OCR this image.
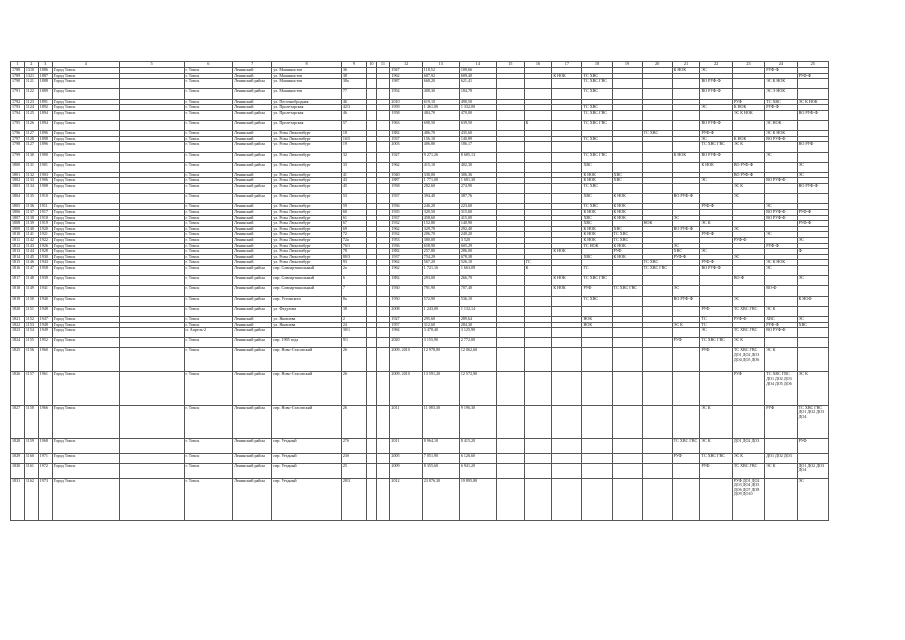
1	2	3	4	5	6	7	8	9	10	11	12	13	14	15	16	17	18	19	20	21	22	23	24	25
1788	1310	1886	Город Томск		г. Томск	Ленинский	ул. Машинистов	36			1947	118,52	109,66							К НОК	ЭС		РУФ-Ф	
1789	1321	1887	Город Томск		г. Томск	Ленинский	ул. Машинистов	38			1962	687,92	609,40			К НОК	ТС ХВС							РУФ-Ф
1790	1121	1888	Город Томск		г. Томск	Ленинский район	ул. Машинистов	38а			1987	668,20	621,41				ТС ХВС ГВС				ВО РУФ-Ф		ЭС К НОК	
1791	1122	1889	Город Томск		г. Томск	Ленинский район	ул. Машинистов	77			1954	408,30	184,78				ТС ХВС				ВО РУФ-Ф		ЭС Э НОК	
1792	1123	1891	Город Томск		г. Томск	Ленинский	ул. Песочнобродная	46			2010	619,10	490,50									РУФ	ТС ХВС	ЭС К НОК
1793	1124	1892	Город Томск		г. Томск	Ленинский	ул. Пролетарская	42/3			1959	1 461,00	1 332,00				ТС ХВС				ЭС	К НОК	РУФ-Ф	
1794	1125	1894	Город Томск		г. Томск	Ленинский район	ул. Пролетарская	46			1958	484,70	470,00				ТС ХВС ГВС					ЭС К НОК		ВО РУФ-Ф
1795	1126	1894	Город Томск		г. Томск	Ленинский район	ул. Пролетарская	57			1963	698,50	639,50		К		ТС ХВС ГВС				ВО РУФ-Ф		ЭС НОК	
1796	1127	1896	Город Томск		г. Томск	Ленинский	ул. Розы Люксембург	18			1882	486,70	435,60						ТС ХВС		РУФ-Ф		ЭС К НОК	
1797	1128	1898	Город Томск		г. Томск	Ленинский	ул. Розы Люксембург	16/5			1937	156,10	140,89				ТС ХВС				ЭС	К НОК	ВО РУФ-Ф	
1798	1127	1896	Город Томск		г. Томск	Ленинский район	ул. Розы Люксембург	19			2003	406,80	186,17								ТС ХВС ГВС	ЭС К		ВО РУФ
1799	1130	1900	Город Томск		г. Томск	Ленинский район	ул. Розы Люксембург	32			1927	9 271,26	8 685,13				ТС ХВС ГВС			К НОК	ВО РУФ-Ф		ЭС	
1800	1131	1901	Город Томск		г. Томск	Ленинский район	ул. Розы Люксембург	33			1962	415,10	402,30				ХВС				К НОК	ВО РУФ-Ф		ЭС
1801	1132	1903	Город Томск		г. Томск	Ленинский	ул. Розы Люксембург	41			1940	330,00	306,36				К НОК	ХВС				ВО РУФ-Ф		ЭС
1802	1133	1906	Город Томск		г. Томск	Ленинский	ул. Розы Люксембург	43			1887	1 771,00	1 681,30				К НОК	ХВС			ЭС		ВО РУФ-Ф	
1803	1134	1908	Город Томск		г. Томск	Ленинский район	ул. Розы Люксембург	45			1958	282,60	274,90				ТС ХВС					ЭС К		ВО РУФ-Ф
1804	1135	1910	Город Томск		г. Томск	Ленинский район	ул. Розы Люксембург	53			1937	394,40	387,76				ХВС	К НОК		ВО РУФ-Ф		ЭС		
1805	1136	1911	Город Томск		г. Томск	Ленинский	ул. Розы Люксембург	59			1936	246,20	223,60				ТС ХВС	К НОК			РУФ-Ф		ЭС	
1806	1137	1917	Город Томск		г. Томск	Ленинский	ул. Розы Люксембург	60			1935	320,50	315,60				К НОК	К НОК					ВО РУФ-Ф	РУФ-Ф
1807	1138	1918	Город Томск		г. Томск	Ленинский	ул. Розы Люксембург	61			1937	458,60	415,00				ХВС	К НОК		ЭС			ВО РУФ-Ф	
1808	1139	1919	Город Томск		г. Томск	Ленинский	ул. Розы Люксембург	67			1932	152,80	140,90				ХВС		НОК		ЭС К			РУФ-Ф
1809	1140	1920	Город Томск		г. Томск	Ленинский	ул. Розы Люксембург	69			1962	329,70	292,40				К НОК	ХВС		ВО РУФ-Ф		ЭС		
1810	1141	1921	Город Томск		г. Томск	Ленинский	ул. Розы Люксембург	72			1932	206,70	240,20				К НОК	ТС ХВС			РУФ-Ф		ЭС	
1811	1142	1922	Город Томск		г. Томск	Ленинский	ул. Розы Люксембург	72а			1953	380,00	3 520				К НОК	ТС ХВС				РУФ-Ф		ЭС
1812	1143	1926	Город Томск		г. Томск	Ленинский	ул. Розы Люксембург	76/1			1936	658,90	605,29				ТС НОК	К НОК		ЭС			РУФ-Ф	
1813	1144	1928	Город Томск		г. Томск	Ленинский	ул. Розы Люксембург	78			1882	257,80	286,00			К НОК		РУФ		ХВС	ЭС			Ф
1814	1145	1930	Город Томск		г. Томск	Ленинский	ул. Розы Люксембург	80/3			1937	754,29	678,38				ХВС	К НОК		РУФ-Ф		ЭС		
1815	1146	1943	Город Томск		г. Томск	Ленинский	ул. Розы Люксембург	93			1962	567,20	526,10		ГС				ТС ХВС		РУФ-Ф		ЭС К НОК	
1816	1147	1958	Город Томск		г. Томск	Ленинский район	пер. Совпартшкольный	2а			1962	1 721,16	1 663,09		К		ГС		ТС ХВС ГВС		ВО РУФ-Ф		ЭС	
1817	1148	1939	Город Томск		г. Томск	Ленинский район	пер. Совпартшкольный	6			1882	293,00	266,70			К НОК	ТС ХВС ГВС					ВО-Ф		ЭС
1818	1149	1941	Город Томск		г. Томск	Ленинский район	пер. Совпартшкольный	7			1930	791,90	707,40			К НОК	РУФ	ТС ХВС ГВС		ЭС			ВО-Ф	
1819	1150	1940	Город Томск		г. Томск	Ленинский район	пер. Устинского	8а			1950	572,90	536,10				ТС ХВС			ВО РУФ-Ф		ЭС		К НОФ
1820	1151	1948	Город Томск		г. Томск	Ленинский район	ул. Федулова	38			2008	1 243,00	1 132,14								РУФ	ТС ХВС ГВС	ЭС К	
1821	1152	1947	Город Томск		г. Томск	Ленинский	ул. Яковлева	2			1927	295,60	289,64				НОК				ТС	РУФ-Ф	ХВС	ЭС
1822	1153	1948	Город Томск		г. Томск	Ленинский	ул. Яковлева	24			1957	312,60	284,30				НОК			ЭС К	ТС		РУФ-Ф	ХВС
1823	1154	1949	Город Томск		п. Апрель-2	Ленинский район		30/1			1984	3 478,40	3 125,90								ЭС	ТС ХВС ГВС	ВО РУФ-Ф	
1824	1155	1952	Город Томск		г. Томск	Ленинский район	пер. 1905 года	9/1			2020	3 155,90	2 772,00							РУФ	ТС ХВС ГВС	ЭС К		
1825	1156	1960	Город Томск		г. Томск	Ленинский район	пер. Ново-Стасовский	26			2009, 2010	12 978,80	12 062,60								РУФ	ТС ХВС ГВС ДО1 ДО2 ДО3 ДО4 ДО5 ДО6	ЭС К	
1826	1157	1961	Город Томск		г. Томск	Ленинский район	пер. Ново-Стасовский	26			2009, 2010	13 591,20	12 572,90									РУФ	ТС ХВС ГВС ДО1 ДО2 ДО3 ДО4 ДО5 ДО6	ЭС К
1827	1158	1966	Город Томск		г. Томск	Ленинский район	пер. Ново-Стасовский	26			2011	11 083,30	9 196,30								ЭС К		РУФ	ТС ХВС ГВС ДО1 ДО2 ДО3 ДО4
1828	1159	1968	Город Томск		г. Томск	Ленинский район	пер. Уездный	27б			2011	8 964,10	8 415,20							ТС ХВС ГВС	ЭС К	ДО1 ДО2 ДО3		РУФ
1829	1160	1971	Город Томск		г. Томск	Ленинский район	пер. Уездный	23б			2005	7 051,90	6 126,60							РУФ	ТС ХВС ГВС	ЭС К	ДО1 ДО2 ДО3	
1830	1161	1972	Город Томск		г. Томск	Ленинский район	пер. Уездный	25			2009	8 355,60	6 941,20								РУФ	ТС ХВС ГВС	ЭС К	ДО1 ДО2 ДО3 ДО4
1831	1162	1973	Город Томск		г. Томск	Ленинский район	пер. Уездный	28/3			2012	23 876,30	19 895,80									РУФ ДО1 ДО2 ДО3 ДО4 ДО5 ДО6 ДО7 ДО8 ДО9 ДО10		ЭС
